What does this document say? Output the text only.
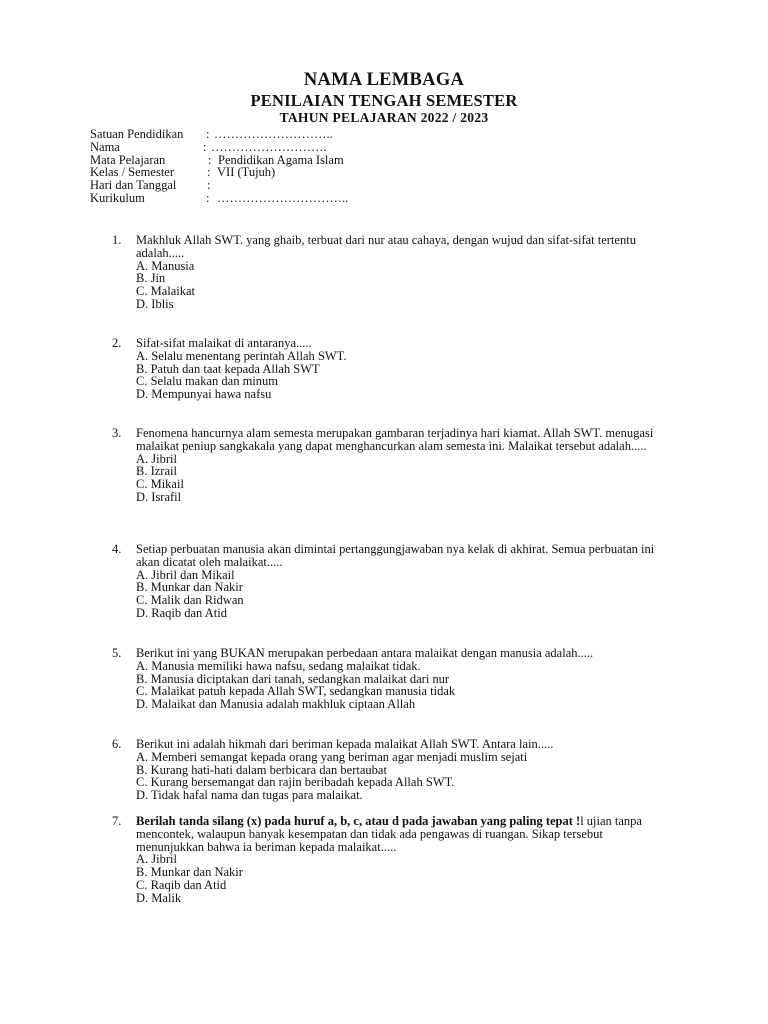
NAMA LEMBAGA
PENILAIAN TENGAH SEMESTER
TAHUN PELAJARAN 2022 / 2023
Satuan Pendidikan : ………………………..
Nama	: ……………………….
Mata Pelajaran	: Pendidikan Agama Islam
Kelas / Semester	: VII (Tujuh)
Hari dan Tanggal :
Kurikulum	: …………………………..
1. Makhluk Allah SWT. yang ghaib, terbuat dari nur atau cahaya, dengan wujud dan sifat-sifat tertentu adalah.....
A. Manusia
B. Jin
C. Malaikat
D. Iblis
2. Sifat-sifat malaikat di antaranya.....
A. Selalu menentang perintah Allah SWT.
B. Patuh dan taat kepada Allah SWT
C. Selalu makan dan minum
D. Mempunyai hawa nafsu
3. Fenomena hancurnya alam semesta merupakan gambaran terjadinya hari kiamat. Allah SWT. menugasi malaikat peniup sangkakala yang dapat menghancurkan alam semesta ini. Malaikat tersebut adalah.....
A. Jibril
B. Izrail
C. Mikail
D. Israfil
4. Setiap perbuatan manusia akan dimintai pertanggungjawaban nya kelak di akhirat. Semua perbuatan ini akan dicatat oleh malaikat.....
A. Jibril dan Mikail
B. Munkar dan Nakir
C. Malik dan Ridwan
D. Raqib dan Atid
5. Berikut ini yang BUKAN merupakan perbedaan antara malaikat dengan manusia adalah.....
A. Manusia memiliki hawa nafsu, sedang malaikat tidak.
B. Manusia diciptakan dari tanah, sedangkan malaikat dari nur
C. Malaikat patuh kepada Allah SWT, sedangkan manusia tidak
D. Malaikat dan Manusia adalah makhluk ciptaan Allah
6. Berikut ini adalah hikmah dari beriman kepada malaikat Allah SWT. Antara lain.....
A. Memberi semangat kepada orang yang beriman agar menjadi muslim sejati
B. Kurang hati-hati dalam berbicara dan bertaubat
C. Kurang bersemangat dan rajin beribadah kepada Allah SWT.
D. Tidak hafal nama dan tugas para malaikat.
7. Berilah tanda silang (x) pada huruf a, b, c, atau d pada jawaban yang paling tepat !l ujian tanpa mencontek, walaupun banyak kesempatan dan tidak ada pengawas di ruangan. Sikap tersebut menunjukkan bahwa ia beriman kepada malaikat.....
A. Jibril
B. Munkar dan Nakir
C. Raqib dan Atid
D. Malik
